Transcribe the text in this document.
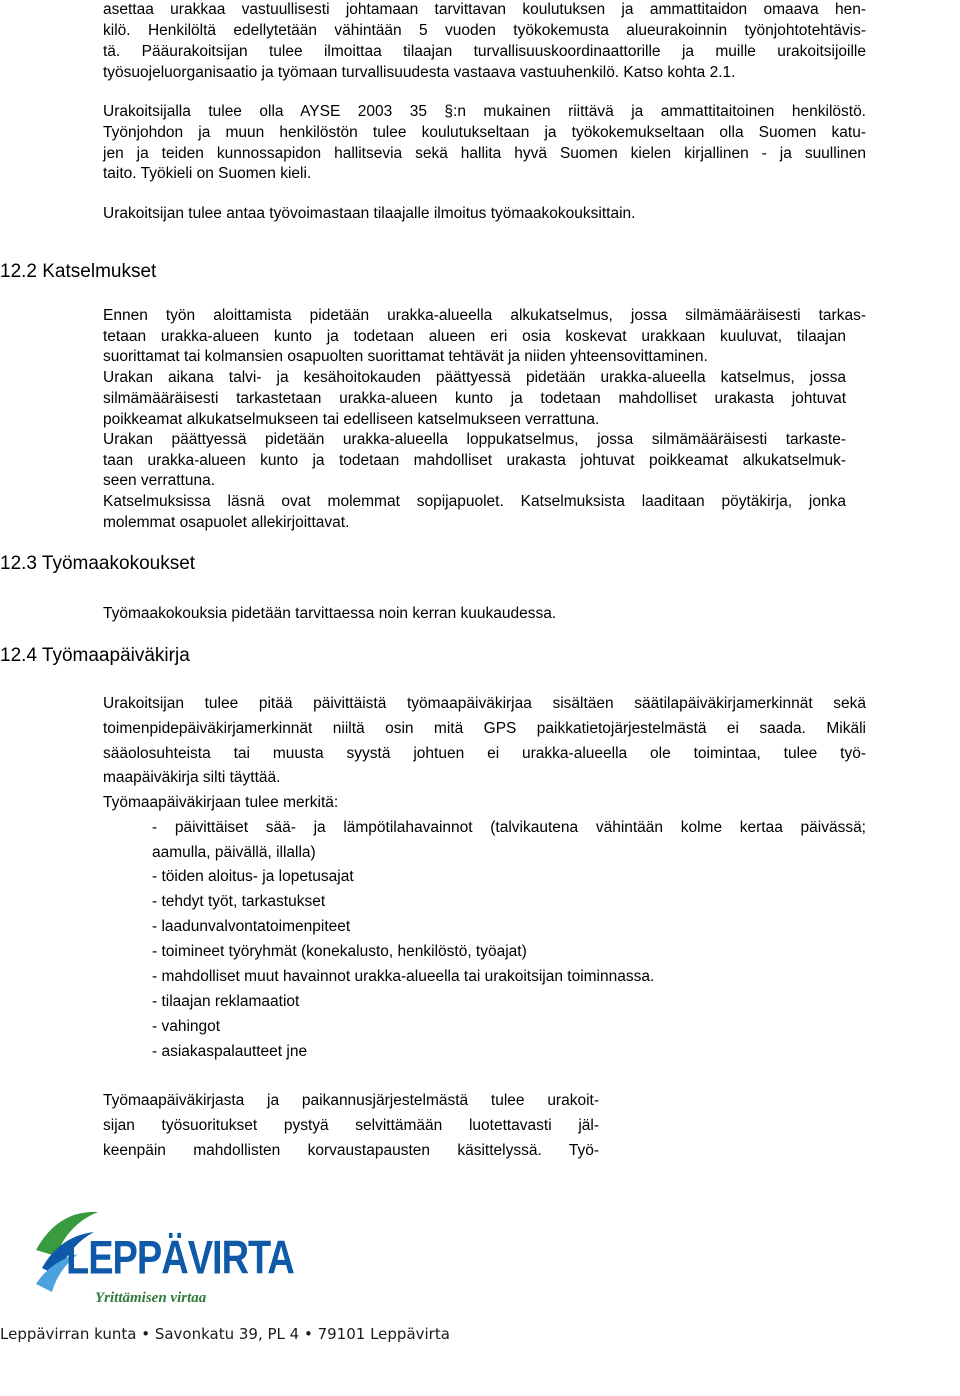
asettaa urakkaa vastuullisesti johtamaan tarvittavan koulutuksen ja ammattitaidon omaava hen-
kilö. Henkilöltä edellytetään vähintään 5 vuoden työkokemusta alueurakoinnin työnjohtotehtävis-
tä. Pääurakoitsijan tulee ilmoittaa tilaajan turvallisuuskoordinaattorille ja muille urakoitsijoille
työsuojeluorganisaatio ja työmaan turvallisuudesta vastaava vastuuhenkilö. Katso kohta 2.1.
Urakoitsijalla tulee olla AYSE 2003 35 §:n mukainen riittävä ja ammattitaitoinen henkilöstö.
Työnjohdon ja muun henkilöstön tulee koulutukseltaan ja työkokemukseltaan olla Suomen katu-
jen ja teiden kunnossapidon hallitsevia sekä hallita hyvä Suomen kielen kirjallinen - ja suullinen
taito. Työkieli on Suomen kieli.
Urakoitsijan tulee antaa työvoimastaan tilaajalle ilmoitus työmaakokouksittain.
12.2 Katselmukset
Ennen työn aloittamista pidetään urakka-alueella alkukatselmus, jossa silmämääräisesti tarkas-
tetaan urakka-alueen kunto ja todetaan alueen eri osia koskevat urakkaan kuuluvat, tilaajan
suorittamat tai kolmansien osapuolten suorittamat tehtävät ja niiden yhteensovittaminen.
Urakan aikana talvi- ja kesähoitokauden päättyessä pidetään urakka-alueella katselmus, jossa
silmämääräisesti tarkastetaan urakka-alueen kunto ja todetaan mahdolliset urakasta johtuvat
poikkeamat alkukatselmukseen tai edelliseen katselmukseen verrattuna.
Urakan päättyessä pidetään urakka-alueella loppukatselmus, jossa silmämääräisesti tarkaste-
taan urakka-alueen kunto ja todetaan mahdolliset urakasta johtuvat poikkeamat alkukatselmuk-
seen verrattuna.
Katselmuksissa läsnä ovat molemmat sopijapuolet. Katselmuksista laaditaan pöytäkirja, jonka
molemmat osapuolet allekirjoittavat.
12.3 Työmaakokoukset
Työmaakokouksia pidetään tarvittaessa noin kerran kuukaudessa.
12.4 Työmaapäiväkirja
Urakoitsijan tulee pitää päivittäistä työmaapäiväkirjaa sisältäen säätilapäiväkirjamerkinnät sekä
toimenpidepäiväkirjamerkinnät niiltä osin mitä GPS paikkatietojärjestelmästä ei saada. Mikäli
sääolosuhteista tai muusta syystä johtuen ei urakka-alueella ole toimintaa, tulee työ-
maapäiväkirja silti täyttää.
Työmaapäiväkirjaan tulee merkitä:
- päivittäiset sää- ja lämpötilahavainnot (talvikautena vähintään kolme kertaa päivässä;
aamulla, päivällä, illalla)
- töiden aloitus- ja lopetusajat
- tehdyt työt, tarkastukset
- laadunvalvontatoimenpiteet
- toimineet työryhmät (konekalusto, henkilöstö, työajat)
- mahdolliset muut havainnot urakka-alueella tai urakoitsijan toiminnassa.
- tilaajan reklamaatiot
- vahingot
- asiakaspalautteet jne
Työmaapäiväkirjasta ja paikannusjärjestelmästä tulee urakoit-
sijan työsuoritukset pystyä selvittämään luotettavasti jäl-
keenpäin mahdollisten korvaustapausten käsittelyssä. Työ-
LEPPÄVIRTA
Yrittämisen virtaa
Leppävirran kunta • Savonkatu 39, PL 4 • 79101 Leppävirta
